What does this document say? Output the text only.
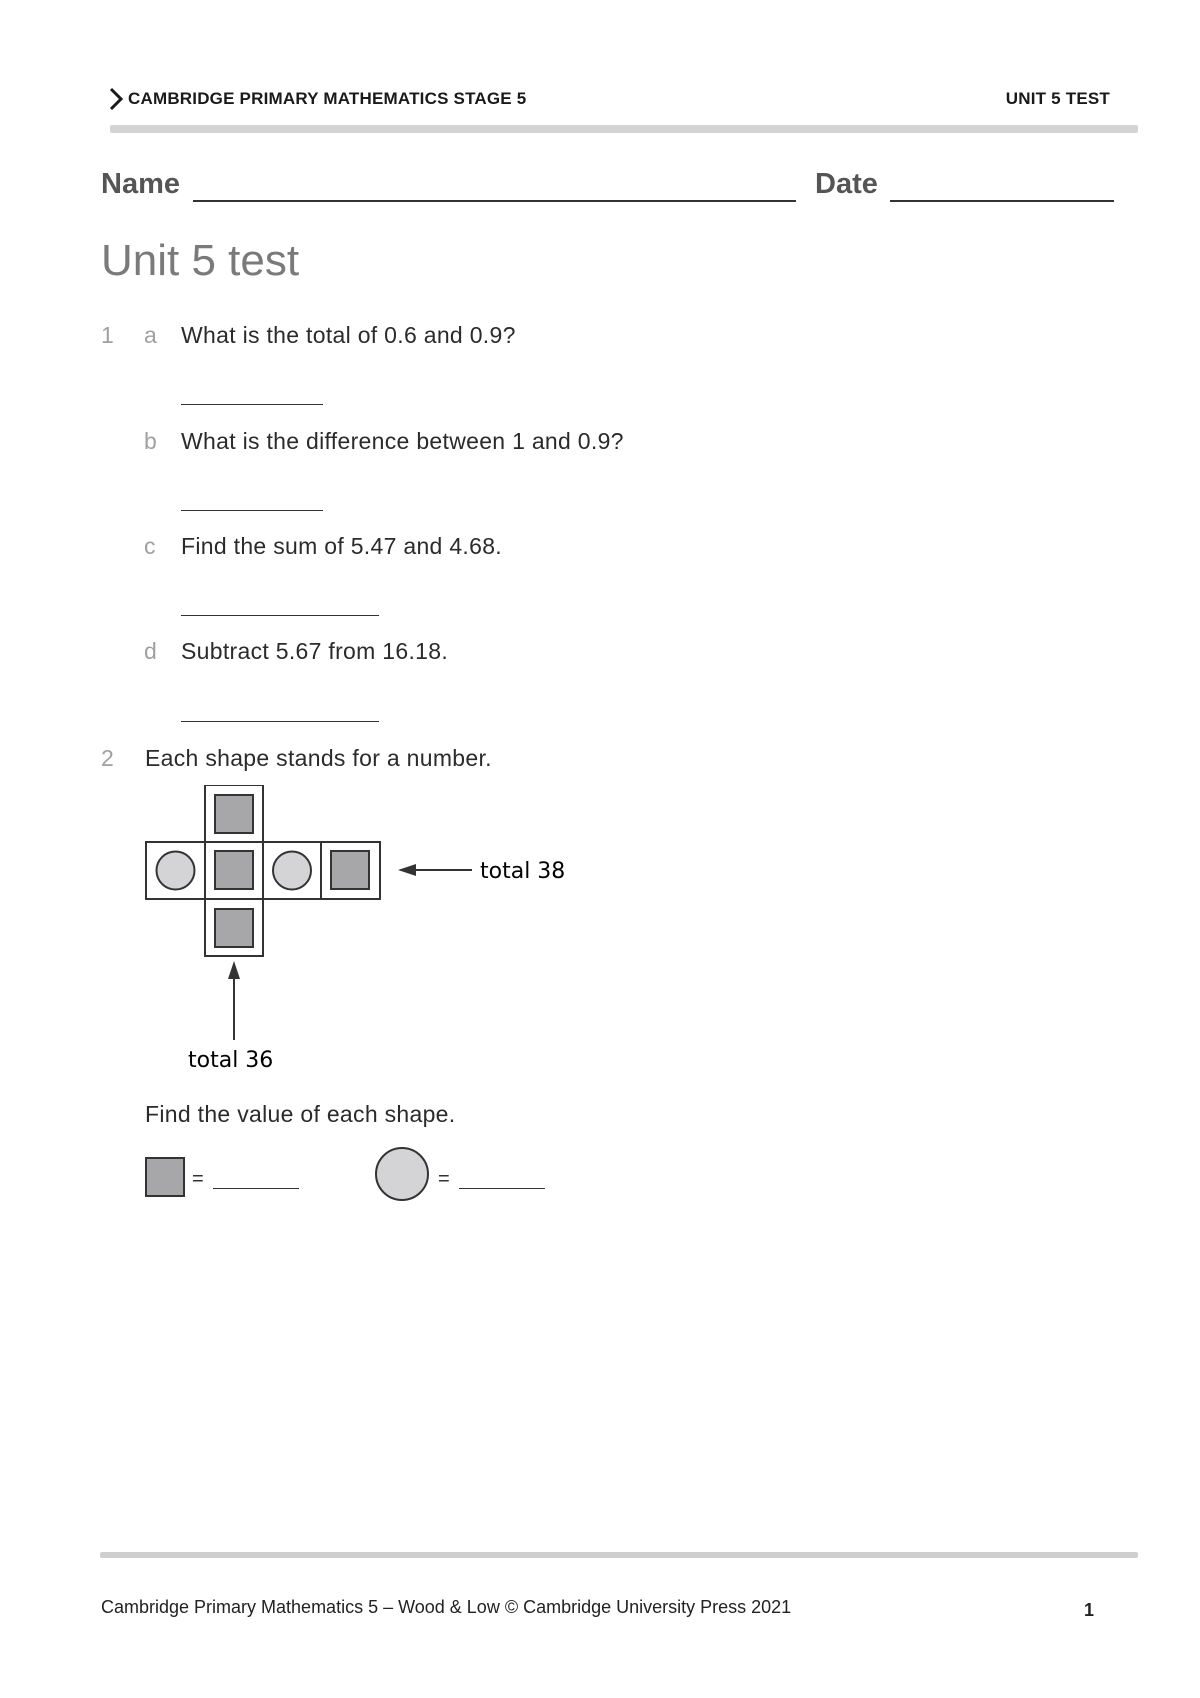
CAMBRIDGE PRIMARY MATHEMATICS STAGE 5	UNIT 5 TEST
Name	Date
Unit 5 test
1 a What is the total of 0.6 and 0.9?
b What is the difference between 1 and 0.9?
c Find the sum of 5.47 and 4.68.
d Subtract 5.67 from 16.18.
2 Each shape stands for a number.
total 38
total 36
Find the value of each shape.
=	=
Cambridge Primary Mathematics 5 – Wood & Low © Cambridge University Press 2021	1
